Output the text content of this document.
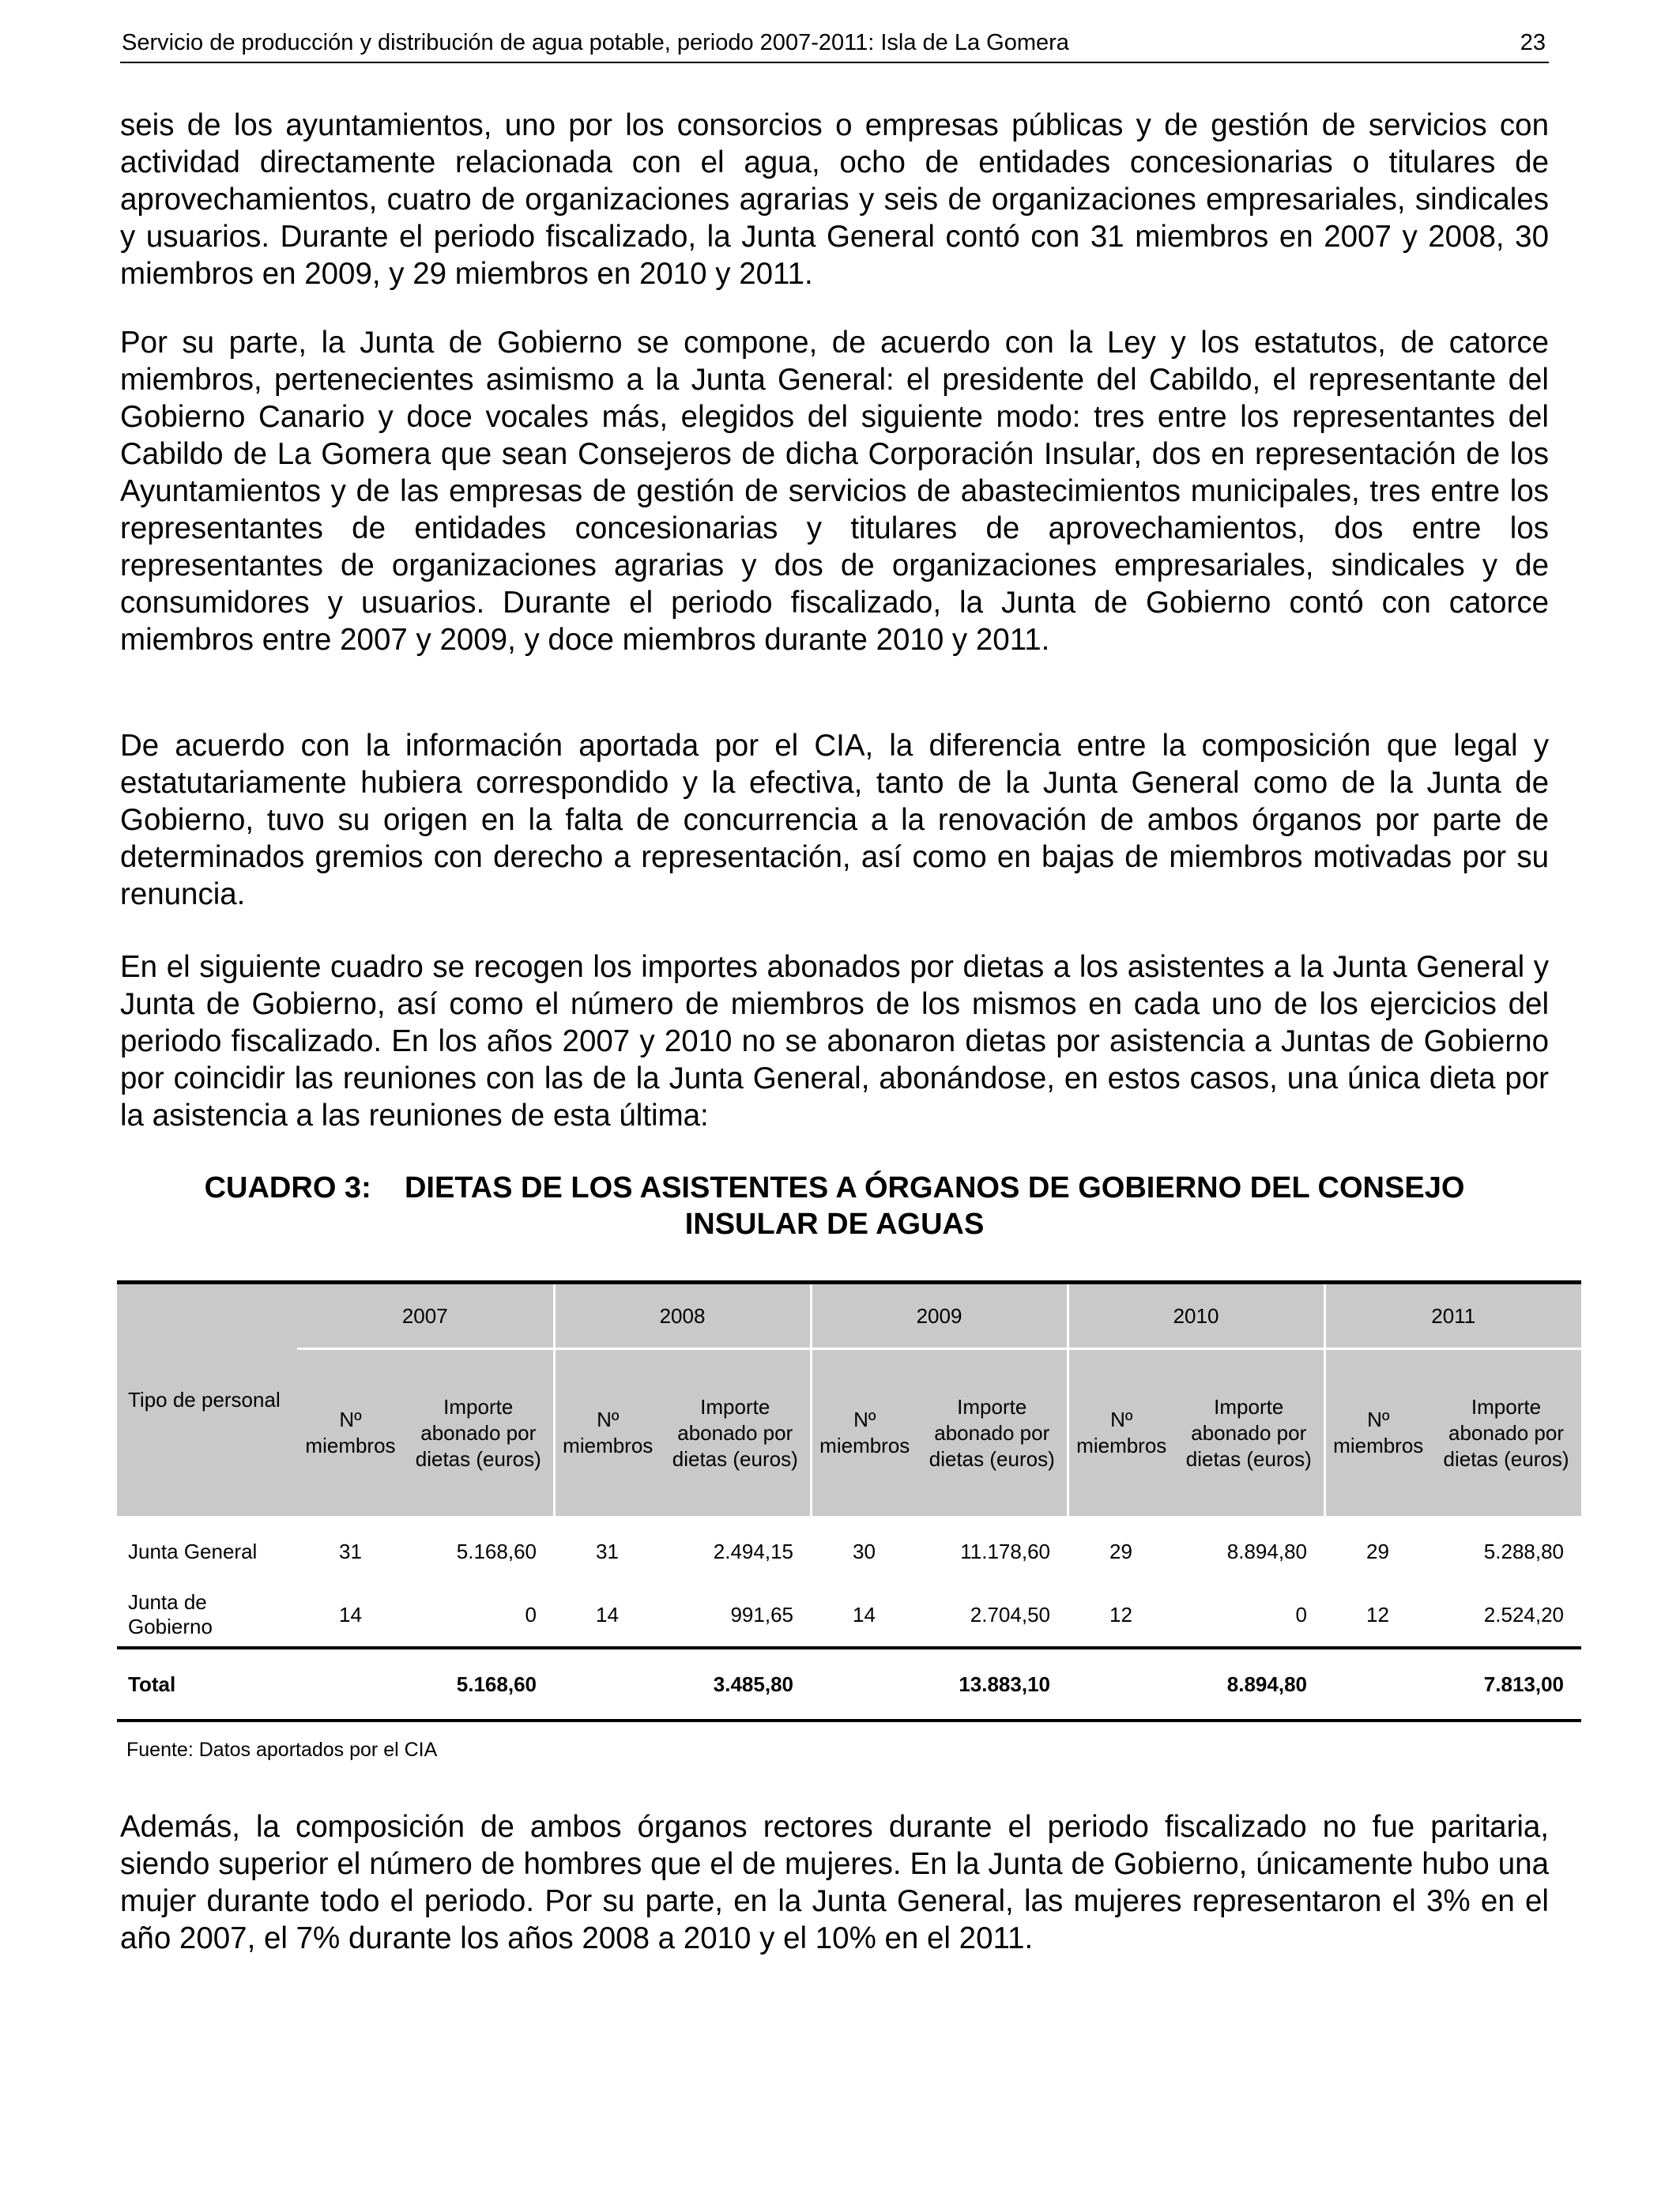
Servicio de producción y distribución de agua potable, periodo 2007-2011: Isla de La Gomera	23

seis de los ayuntamientos, uno por los consorcios o empresas públicas y de gestión de servicios con actividad directamente relacionada con el agua, ocho de entidades concesionarias o titulares de aprovechamientos, cuatro de organizaciones agrarias y seis de organizaciones empresariales, sindicales y usuarios. Durante el periodo fiscalizado, la Junta General contó con 31 miembros en 2007 y 2008, 30 miembros en 2009, y 29 miembros en 2010 y 2011.

Por su parte, la Junta de Gobierno se compone, de acuerdo con la Ley y los estatutos, de catorce miembros, pertenecientes asimismo a la Junta General: el presidente del Cabildo, el representante del Gobierno Canario y doce vocales más, elegidos del siguiente modo: tres entre los representantes del Cabildo de La Gomera que sean Consejeros de dicha Corporación Insular, dos en representación de los Ayuntamientos y de las empresas de gestión de servicios de abastecimientos municipales, tres entre los representantes de entidades concesionarias y titulares de aprovechamientos, dos entre los representantes de organizaciones agrarias y dos de organizaciones empresariales, sindicales y de consumidores y usuarios. Durante el periodo fiscalizado, la Junta de Gobierno contó con catorce miembros entre 2007 y 2009, y doce miembros durante 2010 y 2011.

De acuerdo con la información aportada por el CIA, la diferencia entre la composición que legal y estatutariamente hubiera correspondido y la efectiva, tanto de la Junta General como de la Junta de Gobierno, tuvo su origen en la falta de concurrencia a la renovación de ambos órganos por parte de determinados gremios con derecho a representación, así como en bajas de miembros motivadas por su renuncia.

En el siguiente cuadro se recogen los importes abonados por dietas a los asistentes a la Junta General y Junta de Gobierno, así como el número de miembros de los mismos en cada uno de los ejercicios del periodo fiscalizado. En los años 2007 y 2010 no se abonaron dietas por asistencia a Juntas de Gobierno por coincidir las reuniones con las de la Junta General, abonándose, en estos casos, una única dieta por la asistencia a las reuniones de esta última:

CUADRO 3:    DIETAS DE LOS ASISTENTES A ÓRGANOS DE GOBIERNO DEL CONSEJO
INSULAR DE AGUAS
Tipo de personal	2007		2008		2009		2010		2011	
	Nº miembros	Importe abonado por dietas (euros)	Nº miembros	Importe abonado por dietas (euros)	Nº miembros	Importe abonado por dietas (euros)	Nº miembros	Importe abonado por dietas (euros)	Nº miembros	Importe abonado por dietas (euros)
Junta General	31	5.168,60	31	2.494,15	30	11.178,60	29	8.894,80	29	5.288,80
Junta de Gobierno	14	0	14	991,65	14	2.704,50	12	0	12	2.524,20
Total		5.168,60		3.485,80		13.883,10		8.894,80		7.813,00
Fuente: Datos aportados por el CIA

Además, la composición de ambos órganos rectores durante el periodo fiscalizado no fue paritaria, siendo superior el número de hombres que el de mujeres. En la Junta de Gobierno, únicamente hubo una mujer durante todo el periodo. Por su parte, en la Junta General, las mujeres representaron el 3% en el año 2007, el 7% durante los años 2008 a 2010 y el 10% en el 2011.
